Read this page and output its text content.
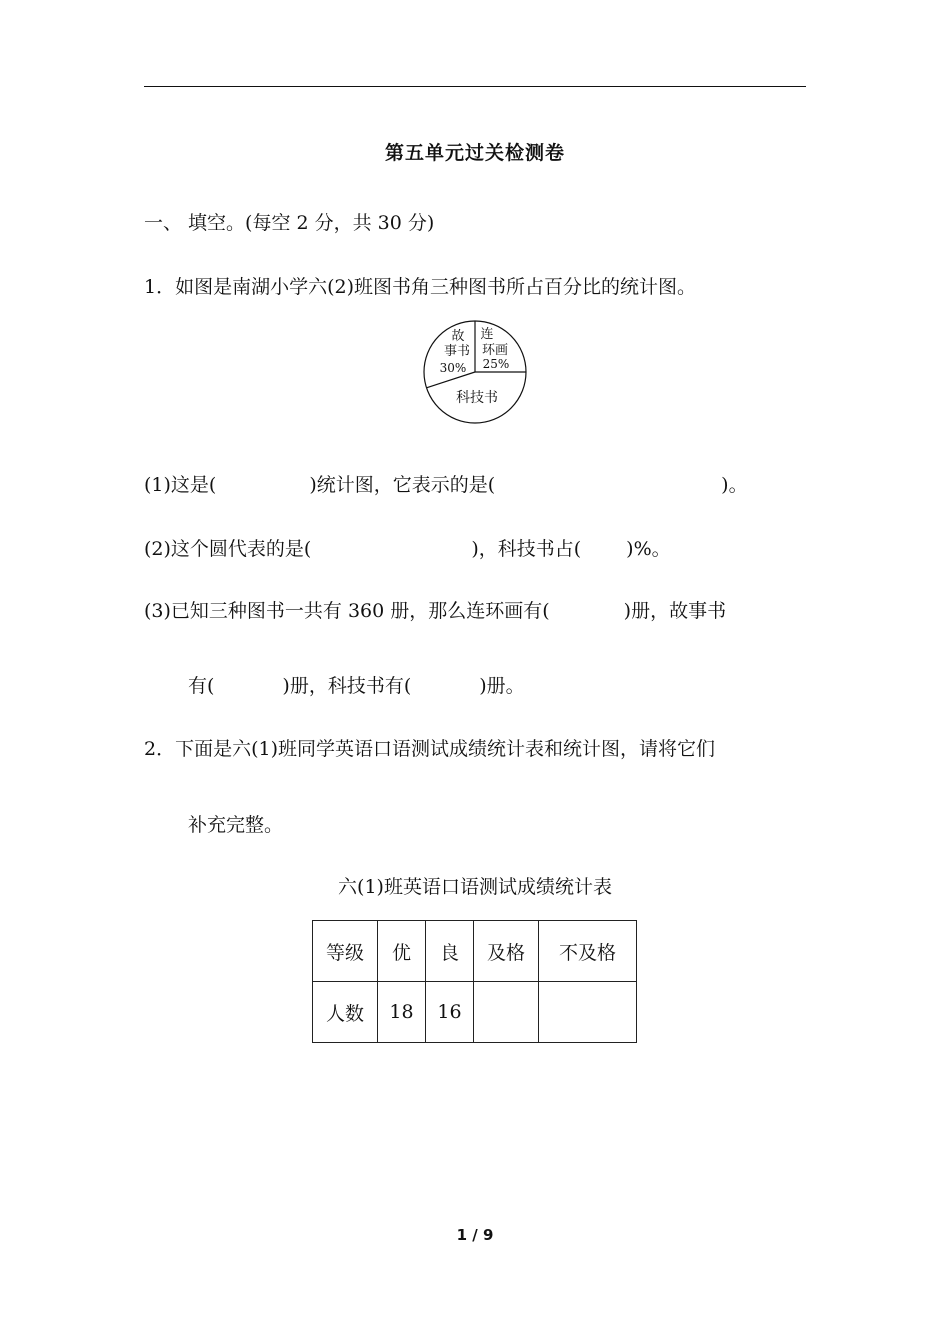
第五单元过关检测卷
一、 填空。(每空 2 分，共 30 分)
1．如图是南湖小学六(2)班图书角三种图书所占百分比的统计图。
故
事书
30%
连
环画
25%
科技书
(1)这是(	)统计图，它表示的是(	)。
(2)这个圆代表的是(	)，科技书占( )%。
(3)已知三种图书一共有 360 册，那么连环画有(	)册，故事书
有(	)册，科技书有(	)册。
2．下面是六(1)班同学英语口语测试成绩统计表和统计图，请将它们
补充完整。
六(1)班英语口语测试成绩统计表
等级	优	良	及格	不及格
人数	18	16		
1 / 9
